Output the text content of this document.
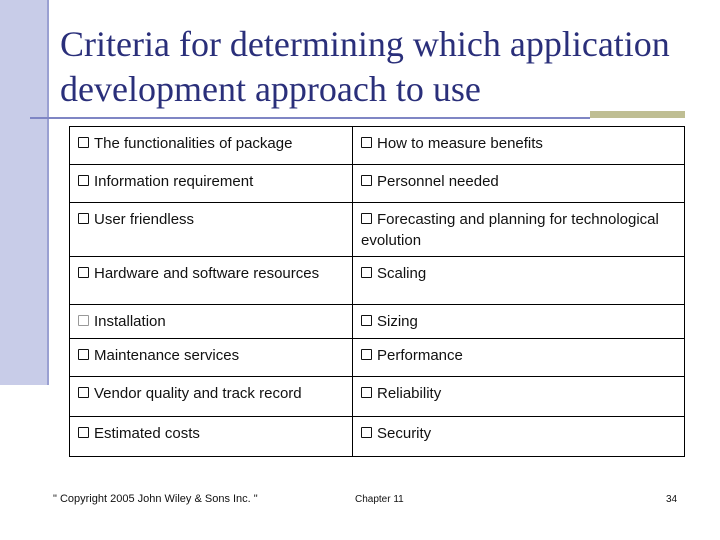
Criteria for determining which application
development approach to use
The functionalities of package	How to measure benefits
Information requirement	Personnel needed
User friendless	Forecasting and planning for technological evolution
Hardware and software resources	Scaling
Installation	Sizing
Maintenance services	Performance
Vendor quality and track record	Reliability
Estimated costs	Security
" Copyright 2005 John Wiley & Sons Inc. "	Chapter 11	34
